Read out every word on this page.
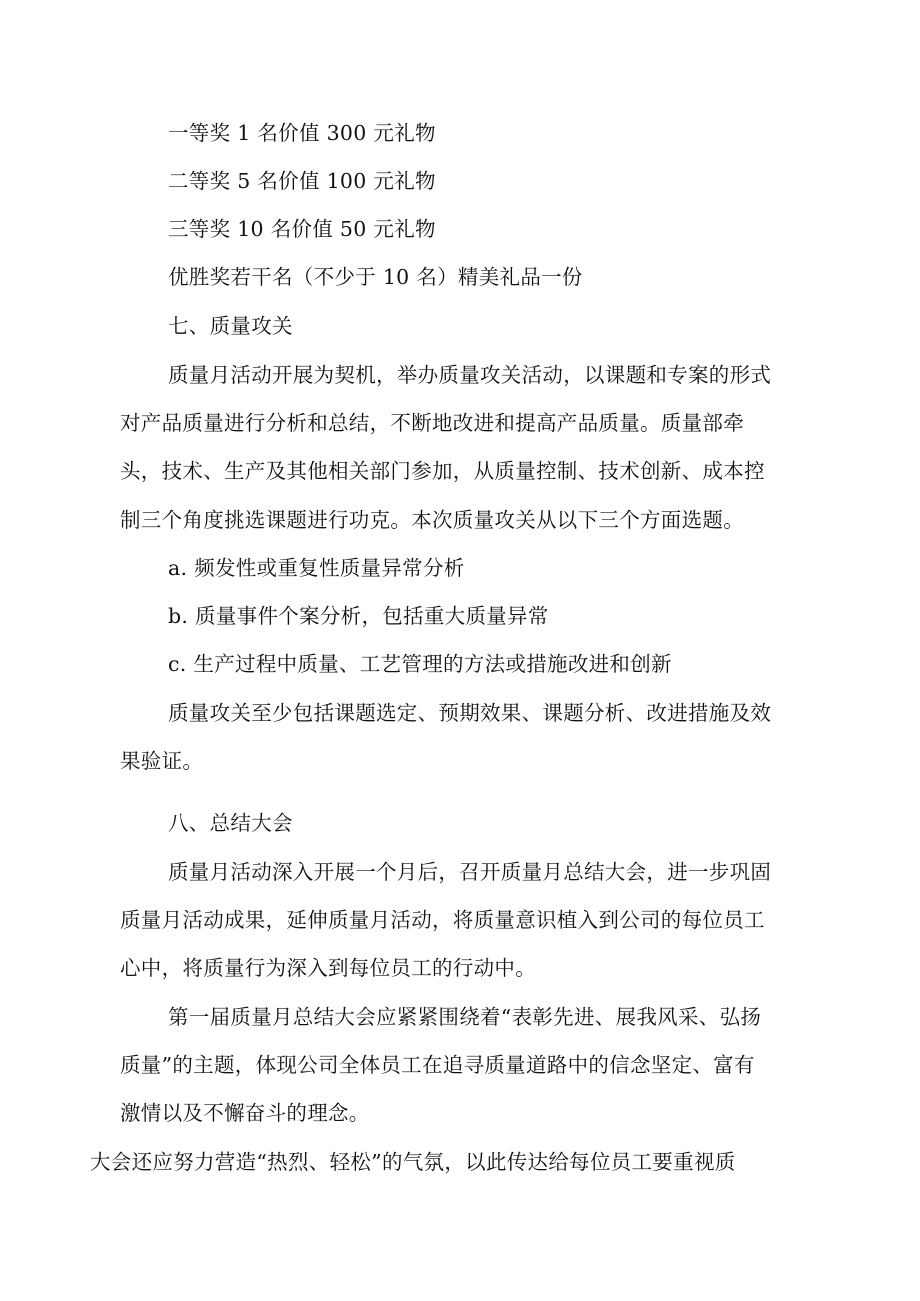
一等奖 1 名价值 300 元礼物

二等奖 5 名价值 100 元礼物

三等奖 10 名价值 50 元礼物

优胜奖若干名（不少于 10 名）精美礼品一份

七、质量攻关

质量月活动开展为契机，举办质量攻关活动，以课题和专案的形式

对产品质量进行分析和总结，不断地改进和提高产品质量。质量部牵

头，技术、生产及其他相关部门参加，从质量控制、技术创新、成本控

制三个角度挑选课题进行功克。本次质量攻关从以下三个方面选题。

a. 频发性或重复性质量异常分析

b. 质量事件个案分析，包括重大质量异常

c. 生产过程中质量、工艺管理的方法或措施改进和创新

质量攻关至少包括课题选定、预期效果、课题分析、改进措施及效

果验证。

八、总结大会

质量月活动深入开展一个月后，召开质量月总结大会，进一步巩固

质量月活动成果，延伸质量月活动，将质量意识植入到公司的每位员工

心中，将质量行为深入到每位员工的行动中。

第一届质量月总结大会应紧紧围绕着“表彰先进、展我风采、弘扬

质量”的主题，体现公司全体员工在追寻质量道路中的信念坚定、富有

激情以及不懈奋斗的理念。

大会还应努力营造“热烈、轻松”的气氛，以此传达给每位员工要重视质
